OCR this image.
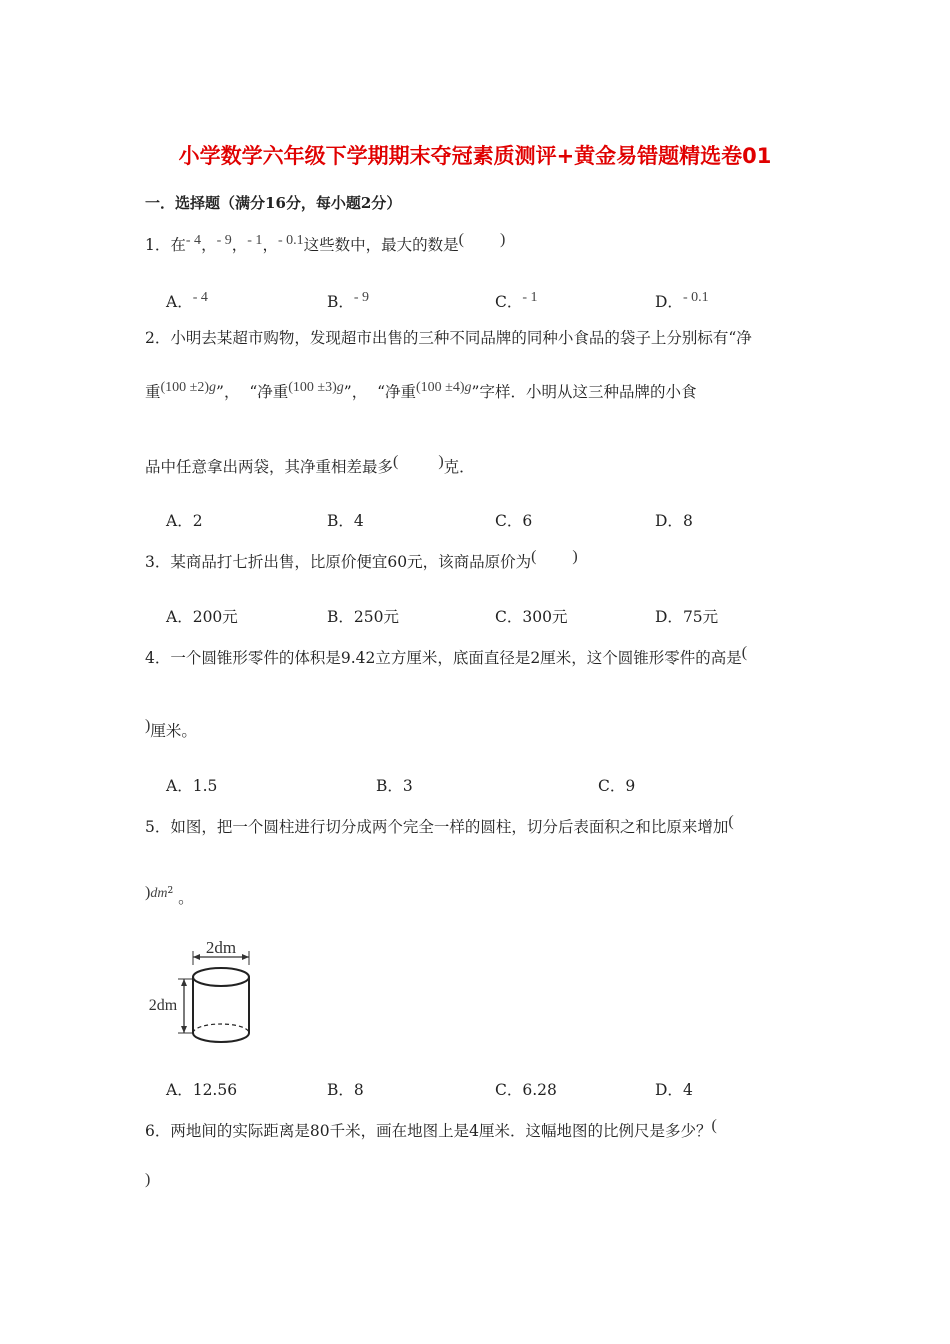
小学数学六年级下学期期末夺冠素质测评+黄金易错题精选卷01
一．选择题（满分16分，每小题2分）
1．在- 4，- 9，- 1，- 0.1这些数中，最大的数是( )
A．- 4	B．- 9	C．- 1	D．- 0.1
2．小明去某超市购物，发现超市出售的三种不同品牌的同种小食品的袋子上分别标有“净
重(100 ±2)g”， “净重(100 ±3)g”， “净重(100 ±4)g”字样．小明从这三种品牌的小食
品中任意拿出两袋，其净重相差最多(	)克．
A．2	B．4	C．6	D．8
3．某商品打七折出售，比原价便宜60元，该商品原价为( )
A．200元	B．250元	C．300元	D．75元
4．一个圆锥形零件的体积是9.42立方厘米，底面直径是2厘米，这个圆锥形零件的高是(
)厘米。
A．1.5	B．3	C．9
5．如图，把一个圆柱进行切分成两个完全一样的圆柱，切分后表面积之和比原来增加(
)$dm^2$ 。
2dm
2dm
A．12.56	B．8	C．6.28	D．4
6．两地间的实际距离是80千米，画在地图上是4厘米．这幅地图的比例尺是多少？(
)
